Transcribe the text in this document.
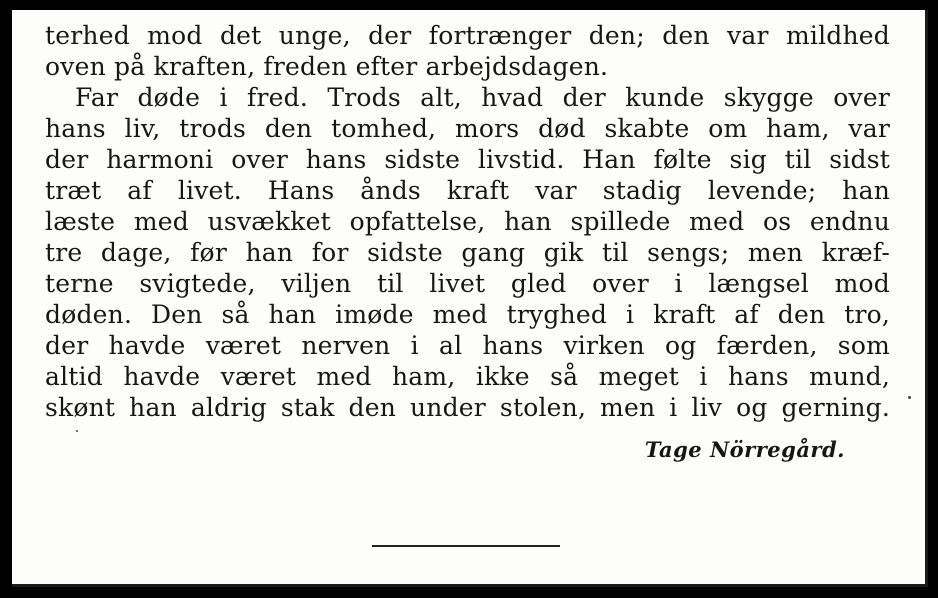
terhed mod det unge, der fortrænger den; den var mildhed
oven på kraften, freden efter arbejdsdagen.
Far døde i fred. Trods alt, hvad der kunde skygge over
hans liv, trods den tomhed, mors død skabte om ham, var
der harmoni over hans sidste livstid. Han følte sig til sidst
træt af livet. Hans ånds kraft var stadig levende; han
læste med usvækket opfattelse, han spillede med os endnu
tre dage, før han for sidste gang gik til sengs; men kræf-
terne svigtede, viljen til livet gled over i længsel mod
døden. Den så han imøde med tryghed i kraft af den tro,
der havde været nerven i al hans virken og færden, som
altid havde været med ham, ikke så meget i hans mund,
skønt han aldrig stak den under stolen, men i liv og gerning.
Tage Nörregård.
